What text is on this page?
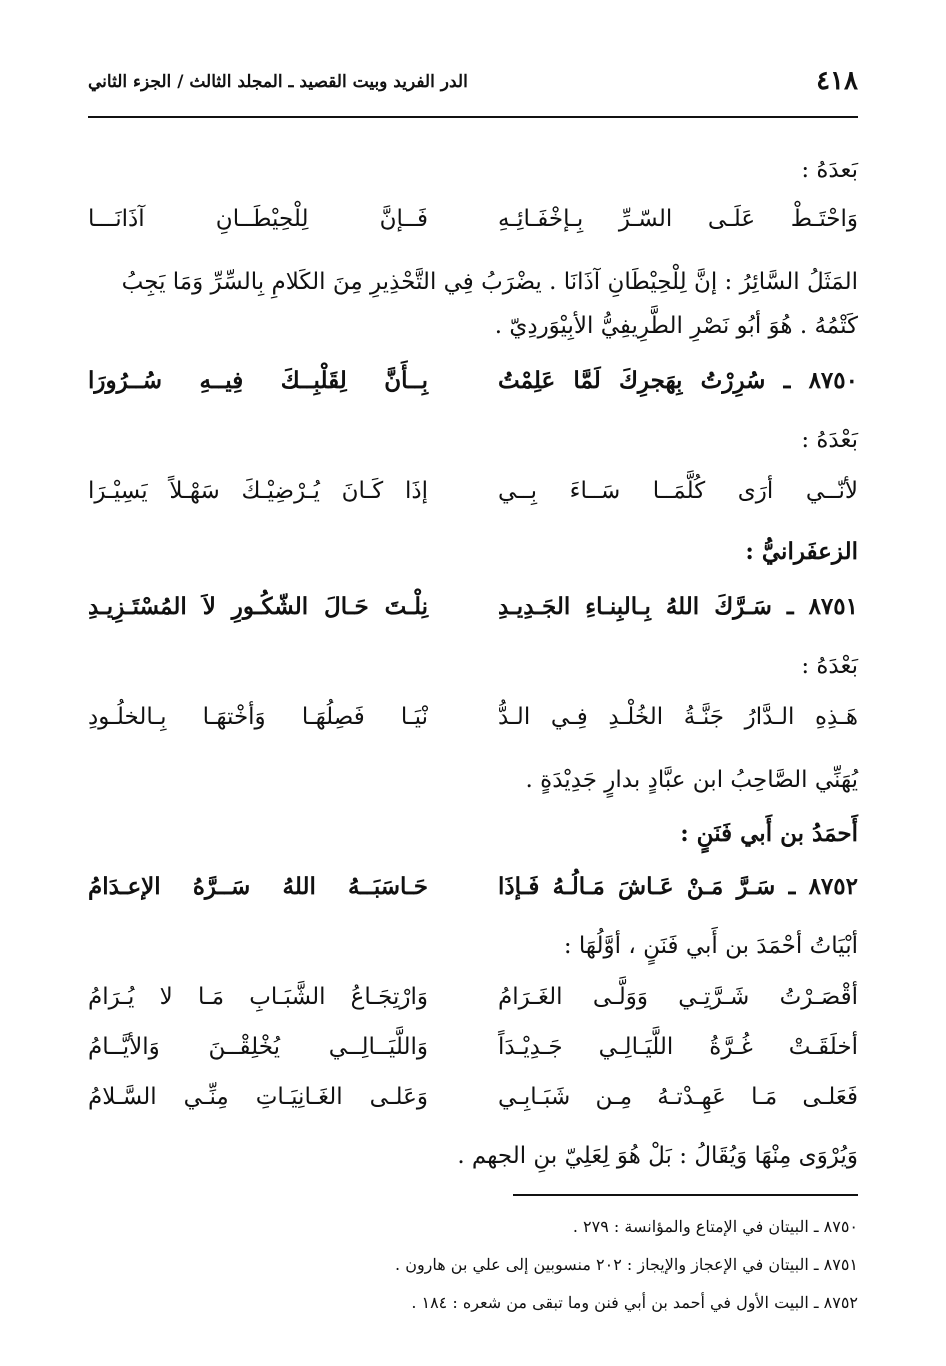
٤١٨
الدر الفريد وبيت القصيد ـ المجلد الثالث / الجزء الثاني
بَعدَهُ :
وَاحْتَـطْ عَلَـى السّـرِّ بِـإخْفَـائِـهِ
فَــإنَّ لِلْحِيْطَــانِ آذَانَـــا
المَثَلُ السَّائِرُ : إنَّ لِلْحِيْطَانِ آذَانَا . يضْرَبُ فِي التَّحْذِيرِ مِنَ الكَلامِ بِالسِّرِّ وَمَا يَجِبُ
كَتْمُهُ . هُوَ أبُو نَصْرِ الطَّرِيفِيُّ الأبِيْوَردِيّ .
٨٧٥٠ ـ سُرِرْتُ بِهَجرِكَ لَمَّا عَلِمْتُ
بِــأَنَّ لِقَلْبِــكَ فِيــهِ سُــرُورَا
بَعْدَهُ :
لأنّــي أرَى كُلَّمَــا سَــاءَ بِــي
إذَا كَـانَ يُـرْضِيْـكَ سَهْـلاً يَسِيْـرَا
الزعفَرانيُّ :
٨٧٥١ ـ سَـرَّكَ اللهُ بِـالبِنـاءِ الجَـدِيـدِ
نِلْـتَ حَـالَ الشّكُـورِ لاَ المُسْتَـزِيـدِ
بَعْدَهُ :
هَـذِهِ الـدَّارُ جَنَّـةُ الخُلْـدِ فِـي الـدُّ
نْيَـا فَصِلُهَـا وَأخْتهَـا بِـالخلُـودِ
يُهَنِّي الصَّاحِبُ ابن عبَّادٍ بدارٍ جَدِيْدَةٍ .
أَحمَدُ بن أَبي فَنَنٍ :
٨٧٥٢ ـ سَـرَّ مَـنْ عَـاشَ مَـالُـهُ فَـإذَا
حَـاسَبَــهُ اللهُ سَــرَّهُ الإعـدَامُ
أبْيَاتُ أحْمَدَ بن أَبي فَنَنٍ ، أوَّلُهَا :
أقْصَـرْتُ شَـرَّتِـي وَوَلَّـى الغَـرَامُ
وَارْتِجَـاعُ الشَّبَـابِ مَـا لا يُـرَامُ
أخلَقَـتْ غُـرَّةُ اللَّيَـالِـي جَـدِيْـدَاً
وَاللَّيَــالِــي يُخْلِقْــنَ وَالأيَّــامُ
فَعَلـى مَـا عَهِـدْتـهُ مِـن شَبَـابِـي
وَعَلـى الغَـانِيَـاتِ مِنِّـي السَّـلامُ
وَيُرْوَى مِنْهَا وَيُقَالُ : بَلْ هُوَ لِعَلِيّ بنِ الجهم .
٨٧٥٠ ـ البيتان في الإمتاع والمؤانسة : ٢٧٩ .
٨٧٥١ ـ البيتان في الإعجاز والإيجاز : ٢٠٢ منسوبين إلى علي بن هارون .
٨٧٥٢ ـ البيت الأول في أحمد بن أبي فنن وما تبقى من شعره : ١٨٤ .
